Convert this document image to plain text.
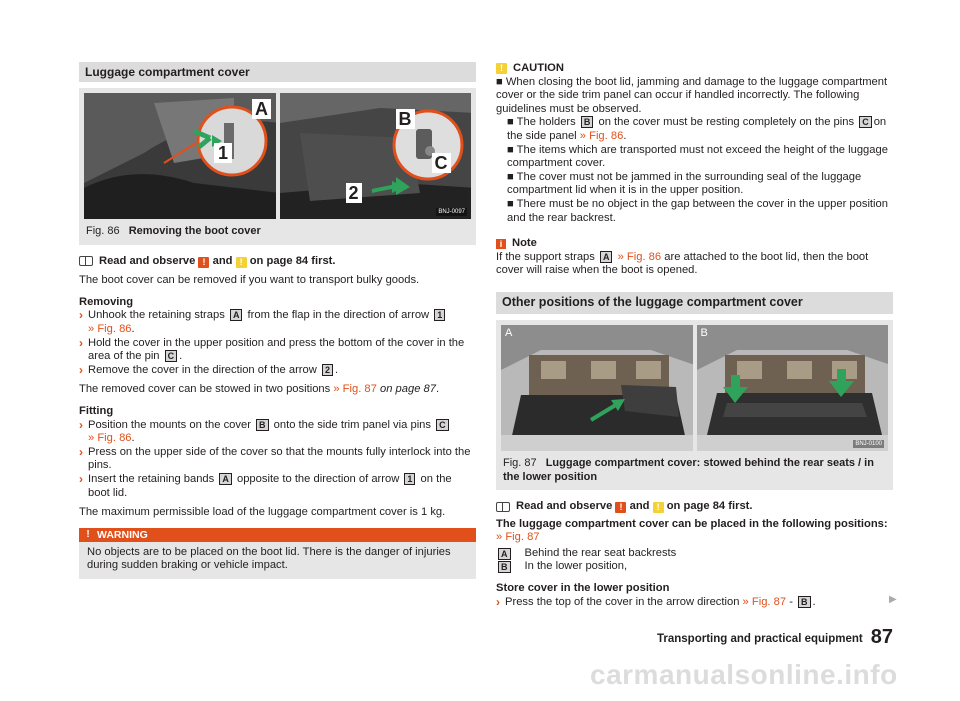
Luggage compartment cover
A
1
B
C
2
BNJ-0097
Fig. 86 Removing the boot cover
Read and observe ! and ! on page 84 first.

The boot cover can be removed if you want to transport bulky goods.

Removing
› Unhook the retaining straps A from the flap in the direction of arrow 1
» Fig. 86.
› Hold the cover in the upper position and press the bottom of the cover in the area of the pin C .
› Remove the cover in the direction of the arrow 2 .

The removed cover can be stowed in two positions » Fig. 87 on page 87.

Fitting
› Position the mounts on the cover B onto the side trim panel via pins C
» Fig. 86.
› Press on the upper side of the cover so that the mounts fully interlock into the pins.
› Insert the retaining bands A opposite to the direction of arrow 1 on the boot lid.

The maximum permissible load of the luggage compartment cover is 1 kg.

! WARNING
No objects are to be placed on the boot lid. There is the danger of injuries during sudden braking or vehicle impact.
! CAUTION
■ When closing the boot lid, jamming and damage to the luggage compartment cover or the side trim panel can occur if handled incorrectly. The following guidelines must be observed.
■ The holders B on the cover must be resting completely on the pins C on the side panel » Fig. 86.
■ The items which are transported must not exceed the height of the luggage compartment cover.
■ The cover must not be jammed in the surrounding seal of the luggage compartment lid when it is in the upper position.
■ There must be no object in the gap between the cover in the upper position and the rear backrest.
i Note
If the support straps A » Fig. 86 are attached to the boot lid, then the boot cover will raise when the boot is opened.
Other positions of the luggage compartment cover
A	B
BNJ-0100
Fig. 87 Luggage compartment cover: stowed behind the rear seats / in the lower position
Read and observe ! and ! on page 84 first.
The luggage compartment cover can be placed in the following positions:
» Fig. 87
A Behind the rear seat backrests
B In the lower position,
Store cover in the lower position
› Press the top of the cover in the arrow direction » Fig. 87 - B .	▶
Transporting and practical equipment 87
carmanualsonline.info
